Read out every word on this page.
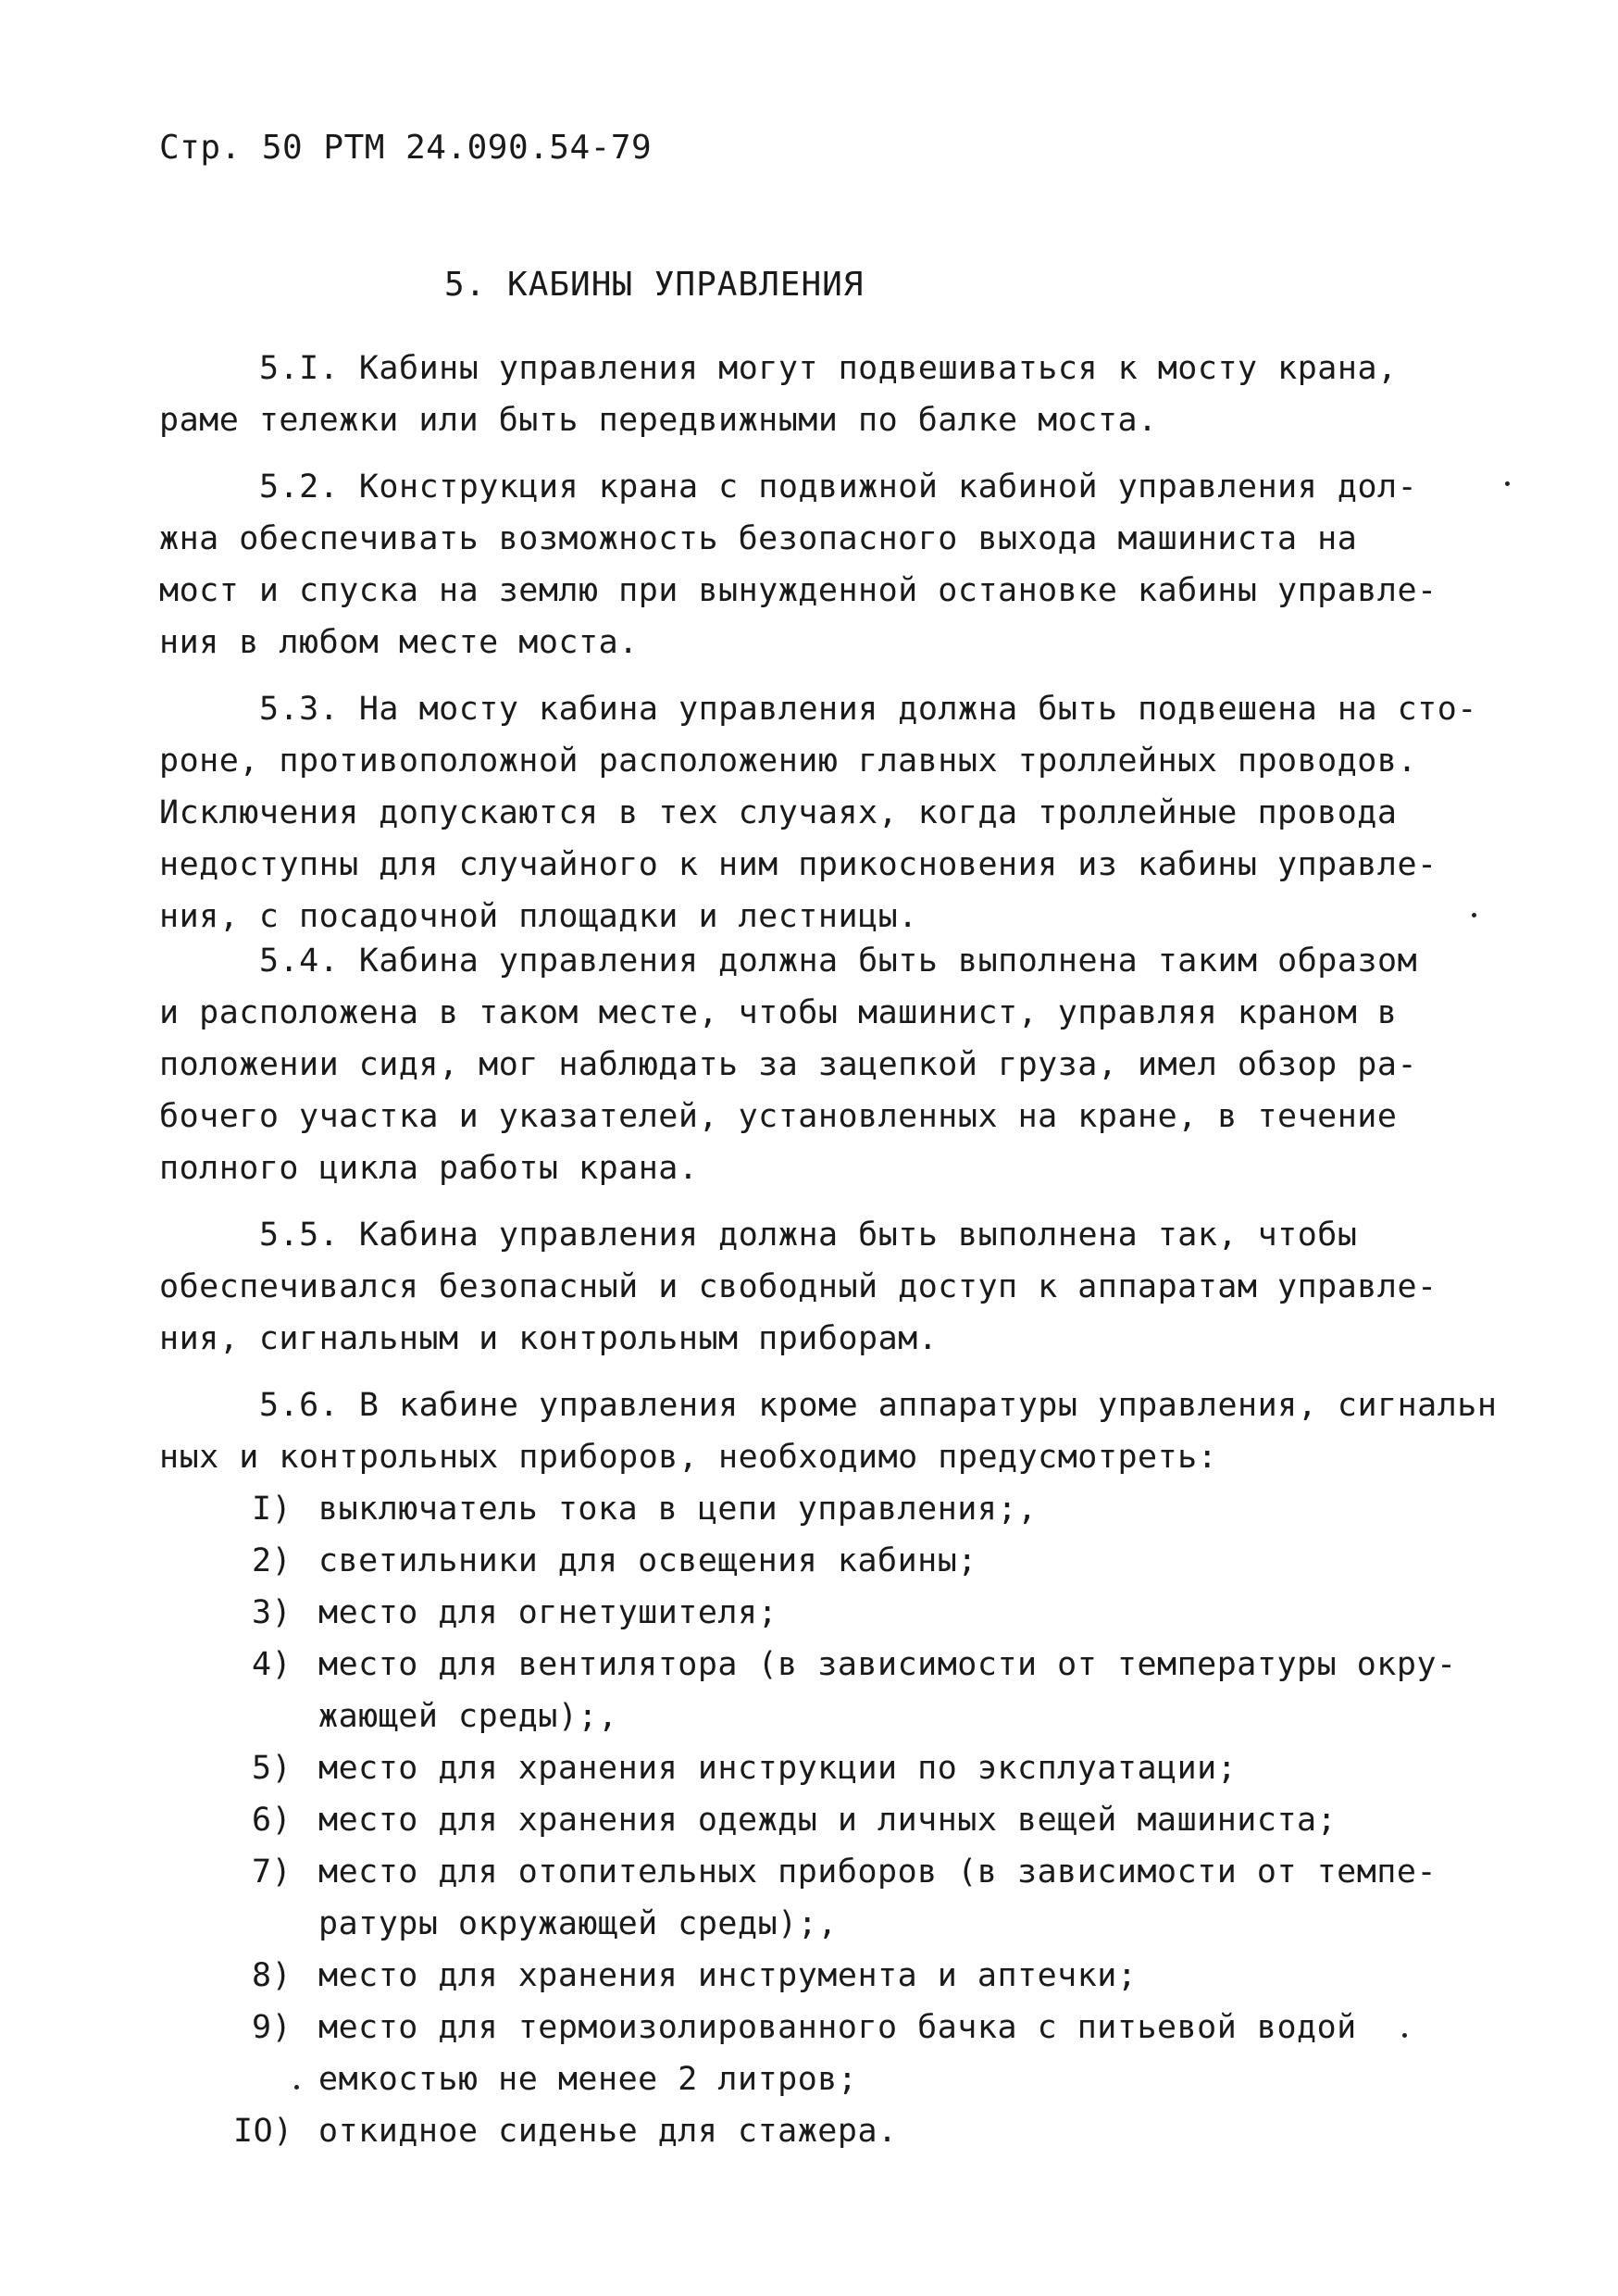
Стр. 50 РТМ 24.090.54-79
5. КАБИНЫ УПРАВЛЕНИЯ
5.I. Кабины управления могут подвешиваться к мосту крана,
раме тележки или быть передвижными по балке моста.
5.2. Конструкция крана с подвижной кабиной управления дол-
жна обеспечивать возможность безопасного выхода машиниста на
мост и спуска на землю при вынужденной остановке кабины управле-
ния в любом месте моста.
5.3. На мосту кабина управления должна быть подвешена на сто-
роне, противоположной расположению главных троллейных проводов.
Исключения допускаются в тех случаях, когда троллейные провода
недоступны для случайного к ним прикосновения из кабины управле-
ния, с посадочной площадки и лестницы.
5.4. Кабина управления должна быть выполнена таким образом
и расположена в таком месте, чтобы машинист, управляя краном в
положении сидя, мог наблюдать за зацепкой груза, имел обзор ра-
бочего участка и указателей, установленных на кране, в течение
полного цикла работы крана.
5.5. Кабина управления должна быть выполнена так, чтобы
обеспечивался безопасный и свободный доступ к аппаратам управле-
ния, сигнальным и контрольным приборам.
5.6. В кабине управления кроме аппаратуры управления, сигнальн
ных и контрольных приборов, необходимо предусмотреть:
I) выключатель тока в цепи управления;,
2) светильники для освещения кабины;
3) место для огнетушителя;
4) место для вентилятора (в зависимости от температуры окру-
жающей среды);,
5) место для хранения инструкции по эксплуатации;
6) место для хранения одежды и личных вещей машиниста;
7) место для отопительных приборов (в зависимости от темпе-
ратуры окружающей среды);,
8) место для хранения инструмента и аптечки;
9) место для термоизолированного бачка с питьевой водой
емкостью не менее 2 литров;
IO) откидное сиденье для стажера.
